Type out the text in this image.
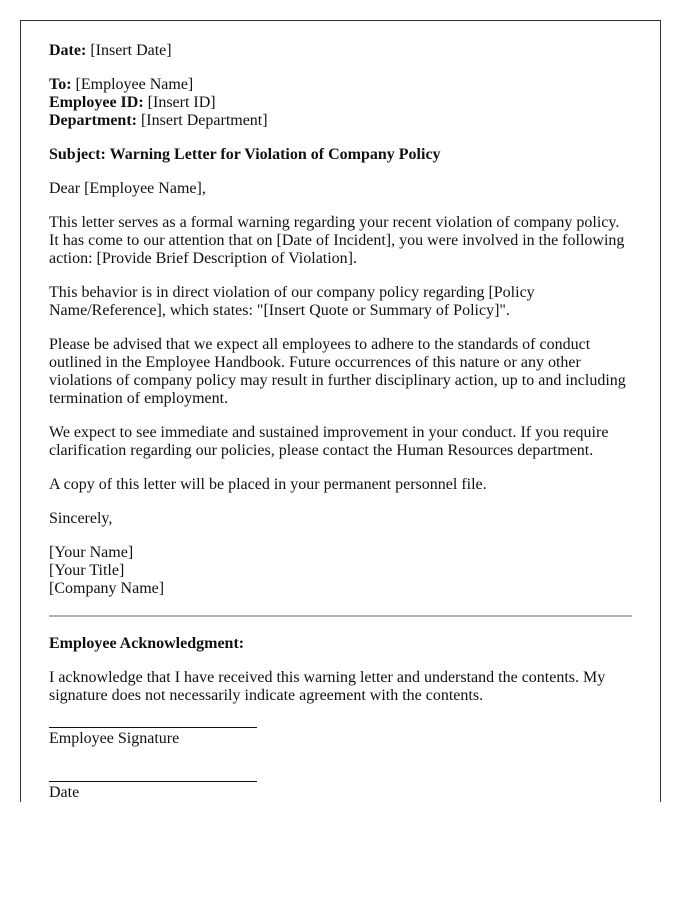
Date: [Insert Date]

To: [Employee Name]
Employee ID: [Insert ID]
Department: [Insert Department]

Subject: Warning Letter for Violation of Company Policy

Dear [Employee Name],

This letter serves as a formal warning regarding your recent violation of company policy. It has come to our attention that on [Date of Incident], you were involved in the following action: [Provide Brief Description of Violation].

This behavior is in direct violation of our company policy regarding [Policy Name/Reference], which states: "[Insert Quote or Summary of Policy]".

Please be advised that we expect all employees to adhere to the standards of conduct outlined in the Employee Handbook. Future occurrences of this nature or any other violations of company policy may result in further disciplinary action, up to and including termination of employment.

We expect to see immediate and sustained improvement in your conduct. If you require clarification regarding our policies, please contact the Human Resources department.

A copy of this letter will be placed in your permanent personnel file.

Sincerely,

[Your Name]
[Your Title]
[Company Name]

Employee Acknowledgment:

I acknowledge that I have received this warning letter and understand the contents. My signature does not necessarily indicate agreement with the contents.

Employee Signature
Date
